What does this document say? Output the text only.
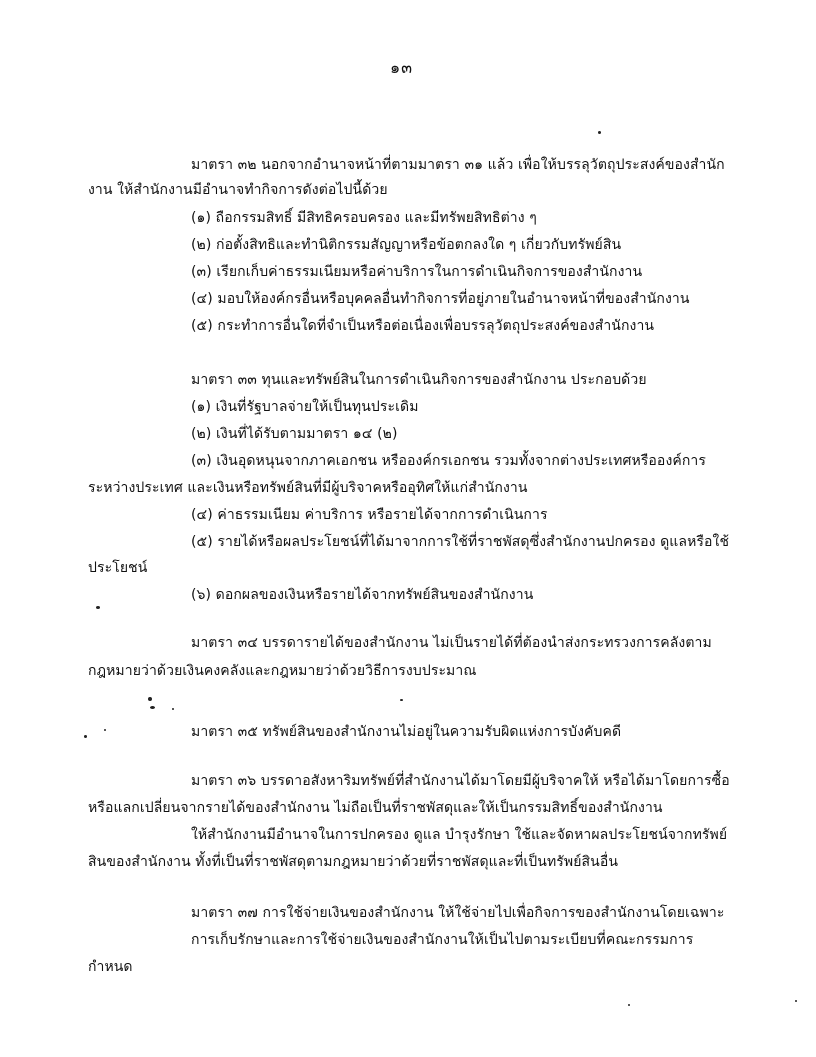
๑๓
มาตรา ๓๒ นอกจากอำนาจหน้าที่ตามมาตรา ๓๑ แล้ว เพื่อให้บรรลุวัตถุประสงค์ของสำนัก
งาน ให้สำนักงานมีอำนาจทำกิจการดังต่อไปนี้ด้วย
(๑) ถือกรรมสิทธิ์ มีสิทธิครอบครอง และมีทรัพยสิทธิต่าง ๆ
(๒) ก่อตั้งสิทธิและทำนิติกรรมสัญญาหรือข้อตกลงใด ๆ เกี่ยวกับทรัพย์สิน
(๓) เรียกเก็บค่าธรรมเนียมหรือค่าบริการในการดำเนินกิจการของสำนักงาน
(๔) มอบให้องค์กรอื่นหรือบุคคลอื่นทำกิจการที่อยู่ภายในอำนาจหน้าที่ของสำนักงาน
(๕) กระทำการอื่นใดที่จำเป็นหรือต่อเนื่องเพื่อบรรลุวัตถุประสงค์ของสำนักงาน
มาตรา ๓๓ ทุนและทรัพย์สินในการดำเนินกิจการของสำนักงาน ประกอบด้วย
(๑) เงินที่รัฐบาลจ่ายให้เป็นทุนประเดิม
(๒) เงินที่ได้รับตามมาตรา ๑๔ (๒)
(๓) เงินอุดหนุนจากภาคเอกชน หรือองค์กรเอกชน รวมทั้งจากต่างประเทศหรือองค์การ
ระหว่างประเทศ และเงินหรือทรัพย์สินที่มีผู้บริจาคหรืออุทิศให้แก่สำนักงาน
(๔) ค่าธรรมเนียม ค่าบริการ หรือรายได้จากการดำเนินการ
(๕) รายได้หรือผลประโยชน์ที่ได้มาจากการใช้ที่ราชพัสดุซึ่งสำนักงานปกครอง ดูแลหรือใช้
ประโยชน์
(๖) ดอกผลของเงินหรือรายได้จากทรัพย์สินของสำนักงาน
มาตรา ๓๔ บรรดารายได้ของสำนักงาน ไม่เป็นรายได้ที่ต้องนำส่งกระทรวงการคลังตาม
กฎหมายว่าด้วยเงินคงคลังและกฎหมายว่าด้วยวิธีการงบประมาณ
มาตรา ๓๕ ทรัพย์สินของสำนักงานไม่อยู่ในความรับผิดแห่งการบังคับคดี
มาตรา ๓๖ บรรดาอสังหาริมทรัพย์ที่สำนักงานได้มาโดยมีผู้บริจาคให้ หรือได้มาโดยการซื้อ
หรือแลกเปลี่ยนจากรายได้ของสำนักงาน ไม่ถือเป็นที่ราชพัสดุและให้เป็นกรรมสิทธิ์ของสำนักงาน
ให้สำนักงานมีอำนาจในการปกครอง ดูแล บำรุงรักษา ใช้และจัดหาผลประโยชน์จากทรัพย์
สินของสำนักงาน ทั้งที่เป็นที่ราชพัสดุตามกฎหมายว่าด้วยที่ราชพัสดุและที่เป็นทรัพย์สินอื่น
มาตรา ๓๗ การใช้จ่ายเงินของสำนักงาน ให้ใช้จ่ายไปเพื่อกิจการของสำนักงานโดยเฉพาะ
การเก็บรักษาและการใช้จ่ายเงินของสำนักงานให้เป็นไปตามระเบียบที่คณะกรรมการ
กำหนด
